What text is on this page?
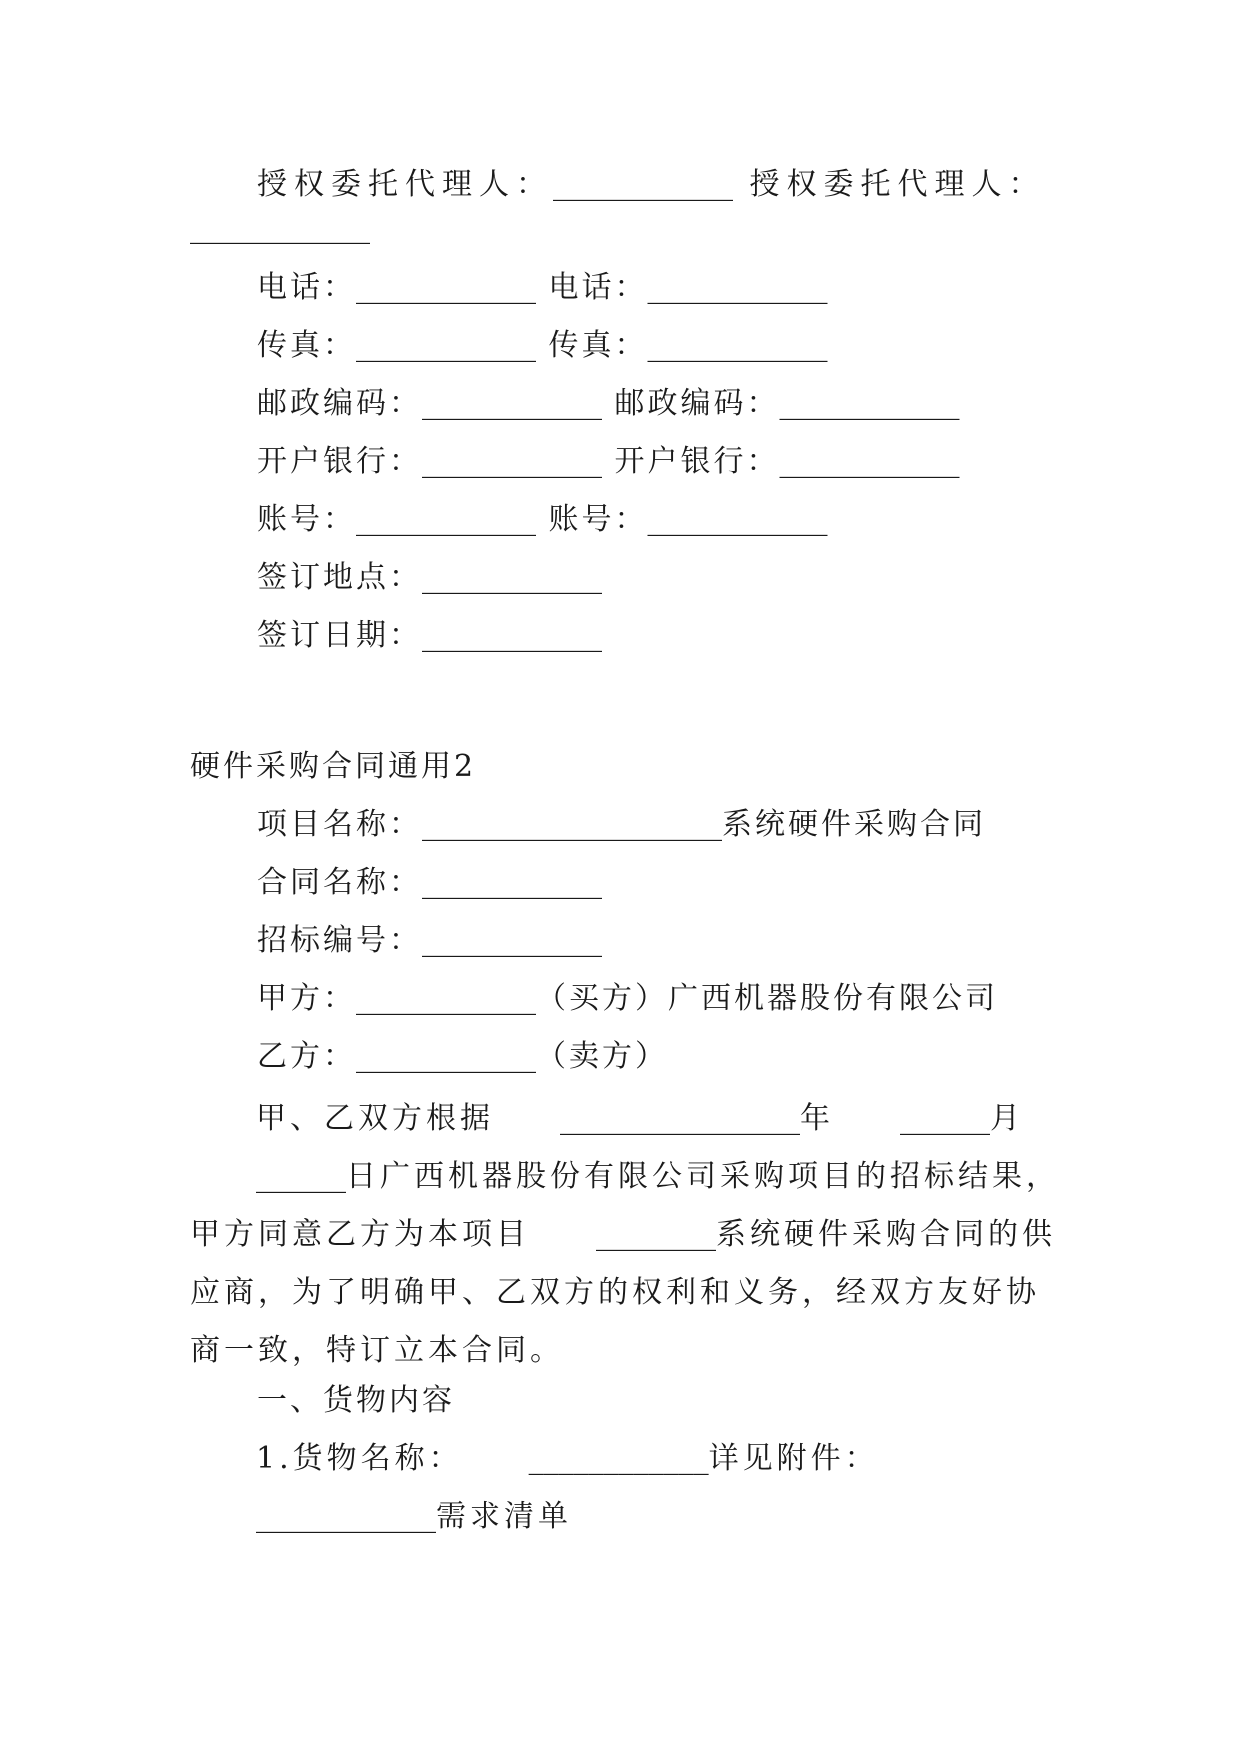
授权委托代理人：____________ 授权委托代理人：
____________
电话：____________ 电话：____________
传真：____________ 传真：____________
邮政编码：____________ 邮政编码：____________
开户银行：____________ 开户银行：____________
账号：____________ 账号：____________
签订地点：____________
签订日期：____________
硬件采购合同通用2
项目名称：____________________系统硬件采购合同
合同名称：____________
招标编号：____________
甲方：____________（买方）广西机器股份有限公司
乙方：____________（卖方）
甲、乙双方根据 ________________年 ______月______日广西机器股份有限公司采购项目的招标结果，甲方同意乙方为本项目 ________系统硬件采购合同的供应商，为了明确甲、乙双方的权利和义务，经双方友好协商一致，特订立本合同。
一、货物内容
1.货物名称： ____________详见附件：____________需求清单
